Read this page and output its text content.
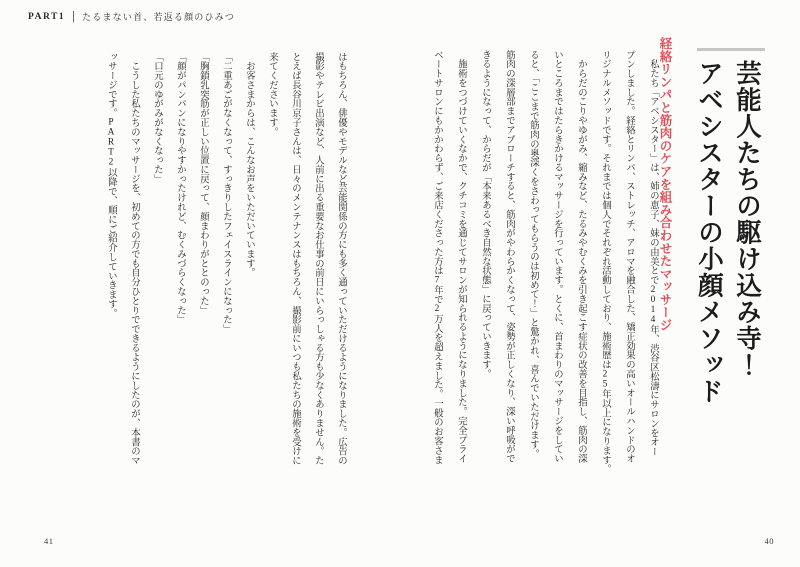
PART1 たるまない首、若返る顔のひみつ
芸能人たちの駆け込み寺！
アベシスターの小顔メソッド
経絡リンパと筋肉のケアを組み合わせたマッサージ

　私たち「アベシスター」は、姉の恵子、妹の由美とで2014年、渋谷区松濤にサロンをオー

プンしました。経絡とリンパ、ストレッチ、アロマを融合した、矯正効果の高いオールハンドのオ

リジナルメソッドです。それまでは個人でそれぞれ活動しており、施術歴は25年以上になります。

　からだのこりやゆがみ、縮みなど、たるみやむくみを引き起こす症状の改善を目指し、筋肉の深

いところまではたらきかけるマッサージを行っています。とくに、首まわりのマッサージをしてい

ると、「ここまで筋肉の奥深くをさわってもらうのは初めて！」と驚かれ、喜んでいただけます。

筋肉の深層部までアプローチすると、筋肉がやわらかくなって、姿勢が正しくなり、深い呼吸がで

きるようになって、からだが「本来あるべき自然な状態」に戻っていきます。

　施術をつづけていくなかで、クチコミを通じてサロンが知られるようになりました。完全プライ

ベートサロンにもかかわらず、ご来店くださった方は7年で2万人を超えました。一般のお客さま

40

はもちろん、俳優やモデルなど芸能関係の方にも多く通っていただけるようになりました。広告の

撮影やテレビ出演など、人前に出る重要なお仕事の前日にいらっしゃる方も少なくありません。た

とえば長谷川京子さんは、日々のメンテナンスはもちろん、撮影前にいつも私たちの施術を受けに

来てくださいます。

　お客さまからは、こんなお声をいただいています。

「二重あごがなくなって、すっきりしたフェイスラインになった」

「胸鎖乳突筋が正しい位置に戻って、顔まわりがととのった」

「顔がパンパンになりやすかったけれど、むくみづらくなった」

「口元のゆがみがなくなった」

　こうした私たちのマッサージを、初めての方でも自分ひとりでできるようにしたのが、本書のマ

ッサージです。PART2以降で、順にご紹介していきます。

41
